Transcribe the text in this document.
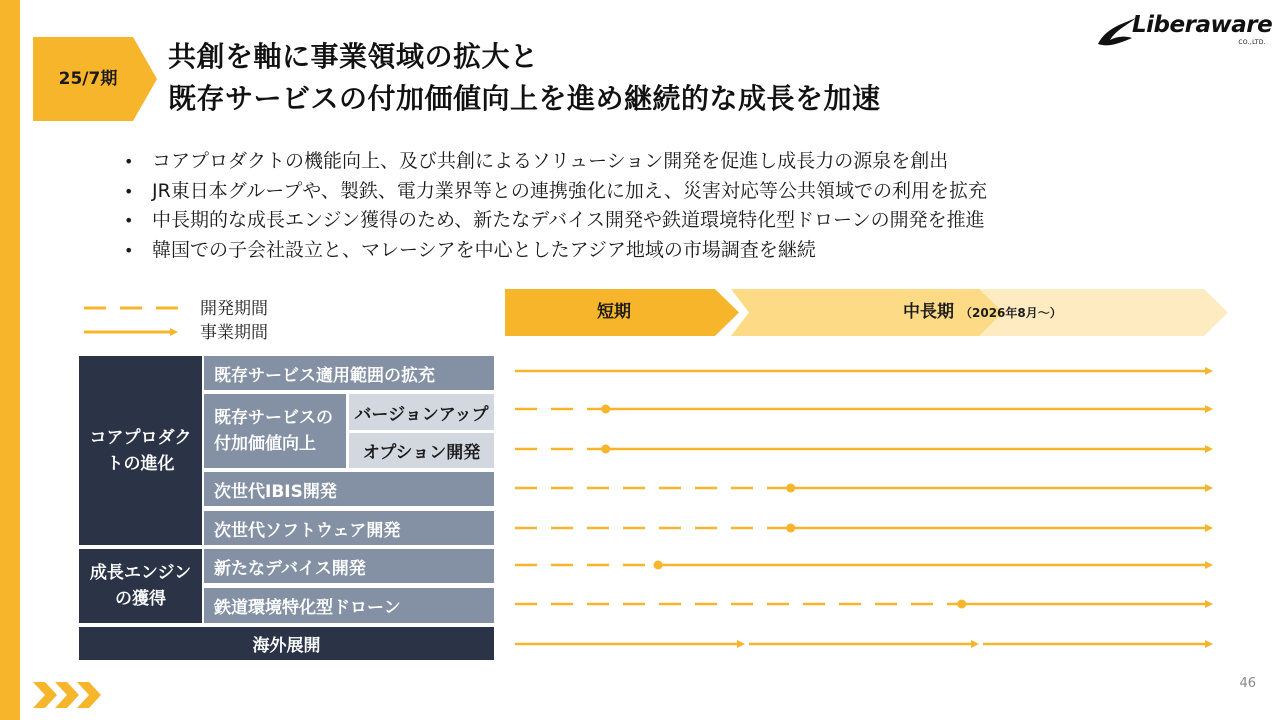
25/7期
共創を軸に事業領域の拡大と
既存サービスの付加価値向上を進め継続的な成長を加速
Liberaware
CO.,LTD.
• コアプロダクトの機能向上、及び共創によるソリューション開発を促進し成長力の源泉を創出
• JR東日本グループや、製鉄、電力業界等との連携強化に加え、災害対応等公共領域での利用を拡充
• 中長期的な成長エンジン獲得のため、新たなデバイス開発や鉄道環境特化型ドローンの開発を推進
• 韓国での子会社設立と、マレーシアを中心としたアジア地域の市場調査を継続
開発期間
事業期間
中長期 （2026年8月～）
短期
コアプロダクトの進化
成長エンジンの獲得
海外展開
既存サービス適用範囲の拡充
既存サービスの付加価値向上
バージョンアップ
オプション開発
次世代IBIS開発
次世代ソフトウェア開発
新たなデバイス開発
鉄道環境特化型ドローン
46
